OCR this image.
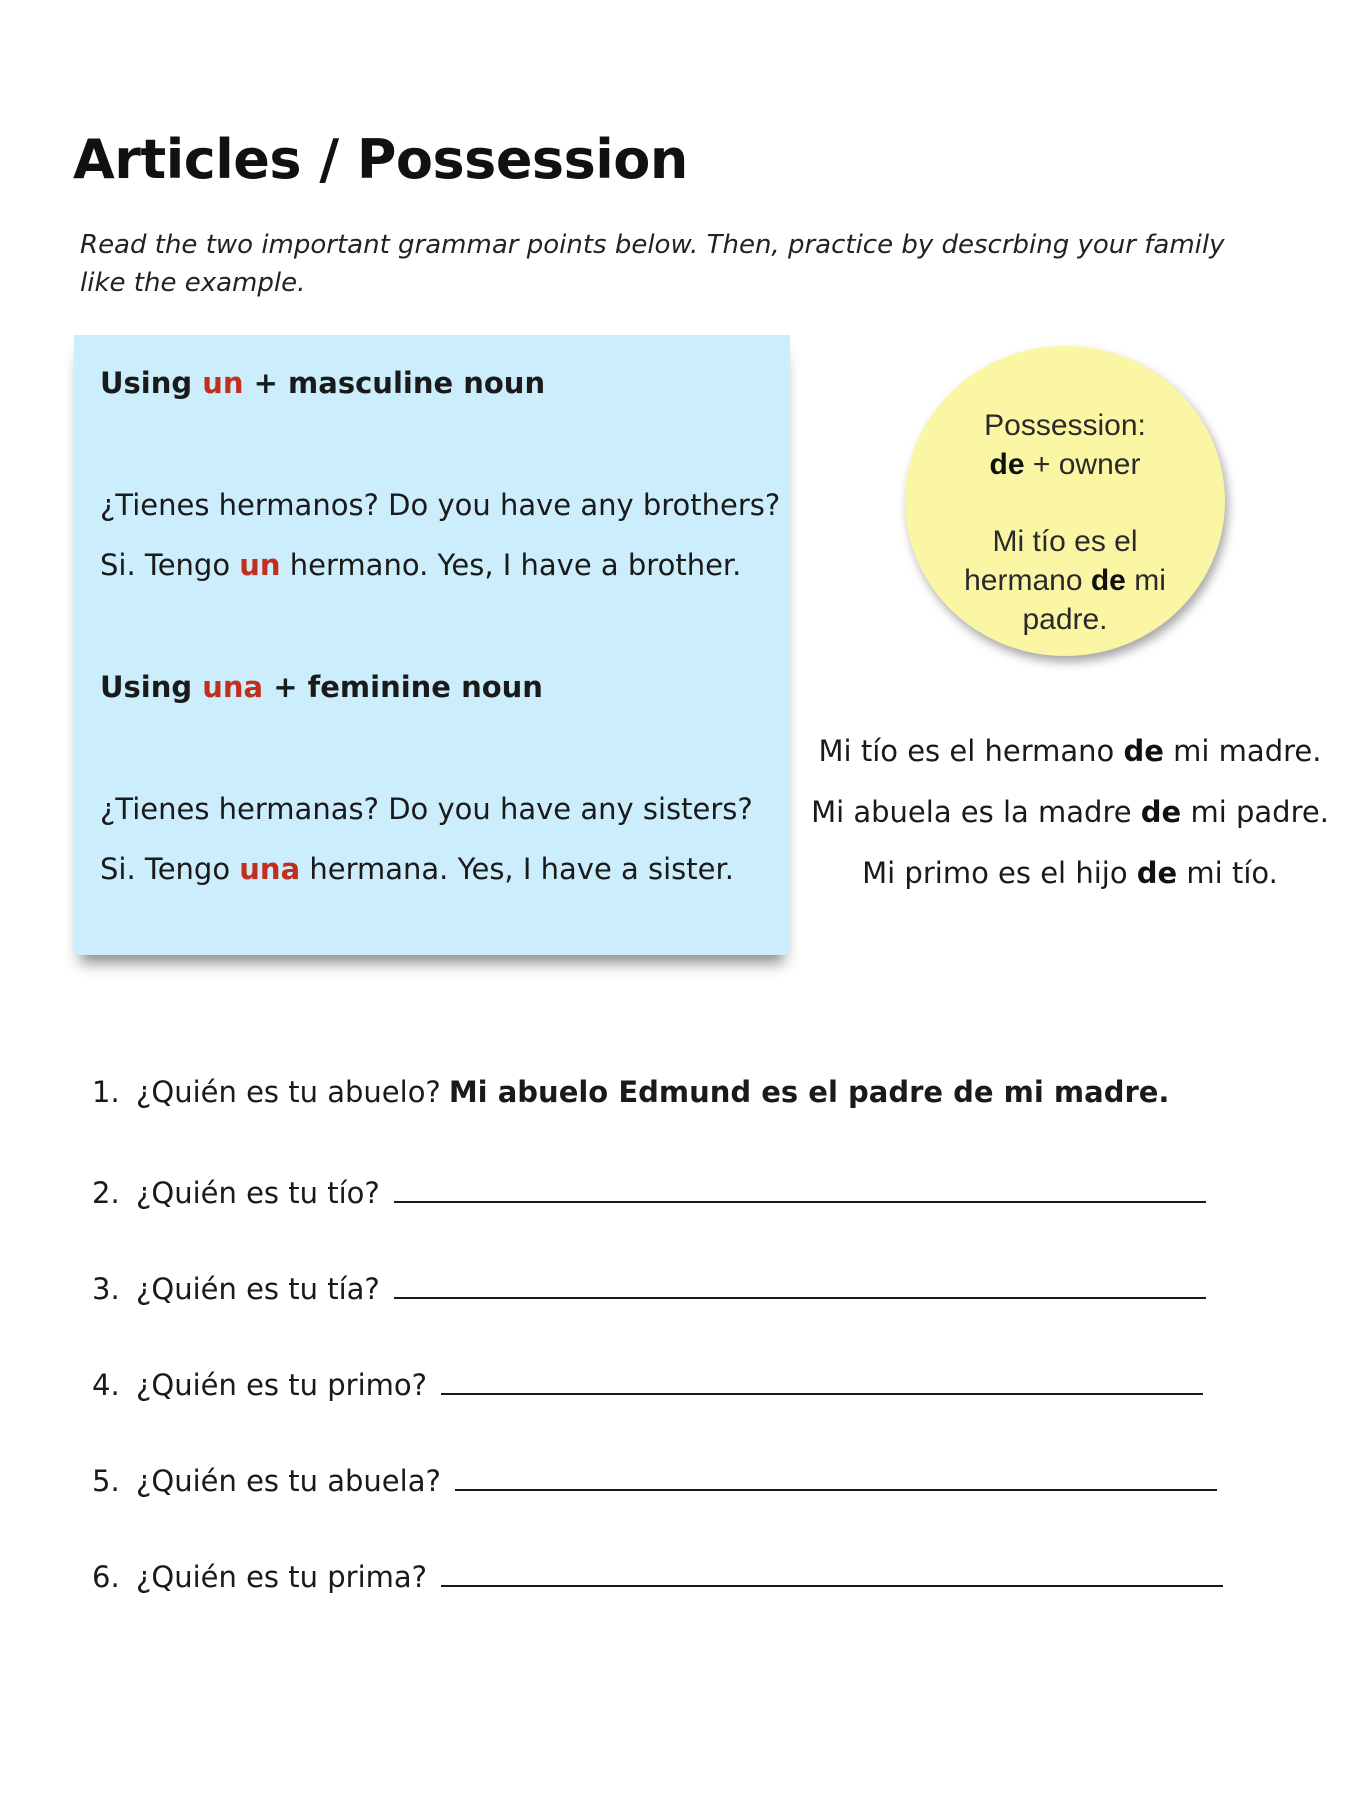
Articles / Possession

Read the two important grammar points below. Then, practice by descrbing your family like the example.

Using un + masculine noun

¿Tienes hermanos? Do you have any brothers?

Si. Tengo un hermano. Yes, I have a brother.

Using una + feminine noun

¿Tienes hermanas? Do you have any sisters?

Si. Tengo una hermana. Yes, I have a sister.

Possession:
de + owner
Mi tío es el hermano de mi padre.

Mi tío es el hermano de mi madre.

Mi abuela es la madre de mi padre.

Mi primo es el hijo de mi tío.

1. ¿Quién es tu abuelo? Mi abuelo Edmund es el padre de mi madre.
2. ¿Quién es tu tío?
3. ¿Quién es tu tía?
4. ¿Quién es tu primo?
5. ¿Quién es tu abuela?
6. ¿Quién es tu prima?
